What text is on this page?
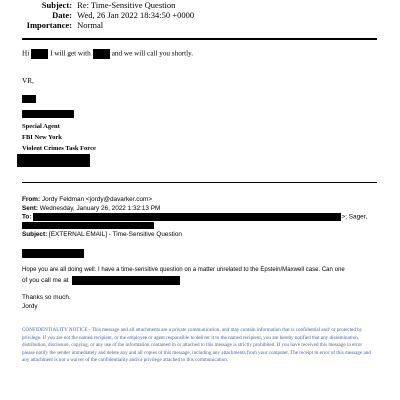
Subject: Re: Time-Sensitive Question
Date: Wed, 26 Jan 2022 18:34:50 +0000
Importance: Normal
Hi	I will get with	and we will call you shortly.
VR,
Special Agent
FBI New York
Violent Crimes Task Force
From: Jordy Feldman <jordy@davarker.com>
Sent: Wednesday, January 26, 2022 1:32:13 PM
To:	>; Sager,
Subject: [EXTERNAL EMAIL] - Time-Sensitive Question
Hope you are all doing well. I have a time-sensitive question on a matter unrelated to the Epstein/Maxwell case. Can one
of you call me at
Thanks so much.
Jordy
CONFIDENTIALITY NOTICE - This message and all attachments are a private communication, and may contain information that is confidential and/ or protected by privilege. If you are not the named recipient, or the employee or agent responsible to deliver it to the named recipient, you are hereby notified that any dissemination, distribution, disclosure, copying, or any use of the information contained in or attached to this message is strictly prohibited. If you have received this message in error please notify the sender immediately and delete any and all copies of this message, including any attachments from your computer. The receipt in error of this message and any attachment is not a waiver of the confidentiality and/or privilege attached to this communication.
